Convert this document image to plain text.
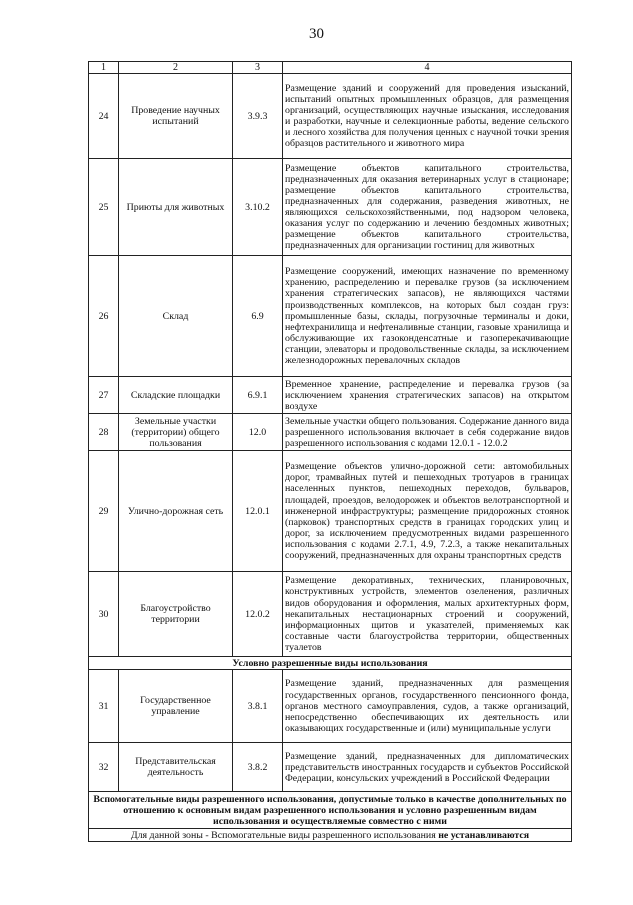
30
1	2	3	4
24	Проведение научных испытаний	3.9.3	Размещение зданий и сооружений для проведения изысканий, испытаний опытных промышленных образцов, для размещения организаций, осуществляющих научные изыскания, исследования и разработки, научные и селекционные работы, ведение сельского и лесного хозяйства для получения ценных с научной точки зрения образцов растительного и животного мира
25	Приюты для животных	3.10.2	Размещение объектов капитального строительства, предназначенных для оказания ветеринарных услуг в стационаре; размещение объектов капитального строительства, предназначенных для содержания, разведения животных, не являющихся сельскохозяйственными, под надзором человека, оказания услуг по содержанию и лечению бездомных животных; размещение объектов капитального строительства, предназначенных для организации гостиниц для животных
26	Склад	6.9	Размещение сооружений, имеющих назначение по временному хранению, распределению и перевалке грузов (за исключением хранения стратегических запасов), не являющихся частями производственных комплексов, на которых был создан груз: промышленные базы, склады, погрузочные терминалы и доки, нефтехранилища и нефтеналивные станции, газовые хранилища и обслуживающие их газоконденсатные и газоперекачивающие станции, элеваторы и продовольственные склады, за исключением железнодорожных перевалочных складов
27	Складские площадки	6.9.1	Временное хранение, распределение и перевалка грузов (за исключением хранения стратегических запасов) на открытом воздухе
28	Земельные участки (территории) общего пользования	12.0	Земельные участки общего пользования. Содержание данного вида разрешенного использования включает в себя содержание видов разрешенного использования с кодами 12.0.1 - 12.0.2
29	Улично-дорожная сеть	12.0.1	Размещение объектов улично-дорожной сети: автомобильных дорог, трамвайных путей и пешеходных тротуаров в границах населенных пунктов, пешеходных переходов, бульваров, площадей, проездов, велодорожек и объектов велотранспортной и инженерной инфраструктуры; размещение придорожных стоянок (парковок) транспортных средств в границах городских улиц и дорог, за исключением предусмотренных видами разрешенного использования с кодами 2.7.1, 4.9, 7.2.3, а также некапитальных сооружений, предназначенных для охраны транспортных средств
30	Благоустройство территории	12.0.2	Размещение декоративных, технических, планировочных, конструктивных устройств, элементов озеленения, различных видов оборудования и оформления, малых архитектурных форм, некапитальных нестационарных строений и сооружений, информационных щитов и указателей, применяемых как составные части благоустройства территории, общественных туалетов
Условно разрешенные виды использования			
31	Государственное управление	3.8.1	Размещение зданий, предназначенных для размещения государственных органов, государственного пенсионного фонда, органов местного самоуправления, судов, а также организаций, непосредственно обеспечивающих их деятельность или оказывающих государственные и (или) муниципальные услуги
32	Представительская деятельность	3.8.2	Размещение зданий, предназначенных для дипломатических представительств иностранных государств и субъектов Российской Федерации, консульских учреждений в Российской Федерации
Вспомогательные виды разрешенного использования, допустимые только в качестве дополнительных по отношению к основным видам разрешенного использования и условно разрешенным видам использования и осуществляемые совместно с ними			
Для данной зоны - Вспомогательные виды разрешенного использования не устанавливаются			
